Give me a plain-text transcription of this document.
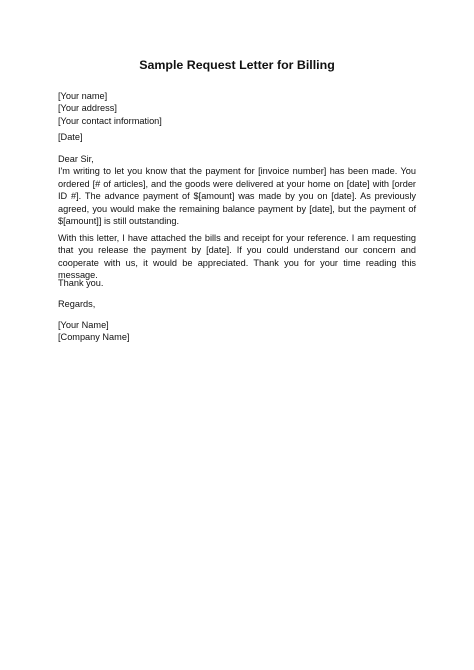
Sample Request Letter for Billing

[Your name]

[Your address]

[Your contact information]

[Date]

Dear Sir,

I'm writing to let you know that the payment for [invoice number] has been made. You ordered [# of articles], and the goods were delivered at your home on [date] with [order ID #]. The advance payment of $[amount] was made by you on [date]. As previously agreed, you would make the remaining balance payment by [date], but the payment of $[amount]] is still outstanding.

With this letter, I have attached the bills and receipt for your reference. I am requesting that you release the payment by [date]. If you could understand our concern and cooperate with us, it would be appreciated. Thank you for your time reading this message.

Thank you.

Regards,

[Your Name]

[Company Name]
